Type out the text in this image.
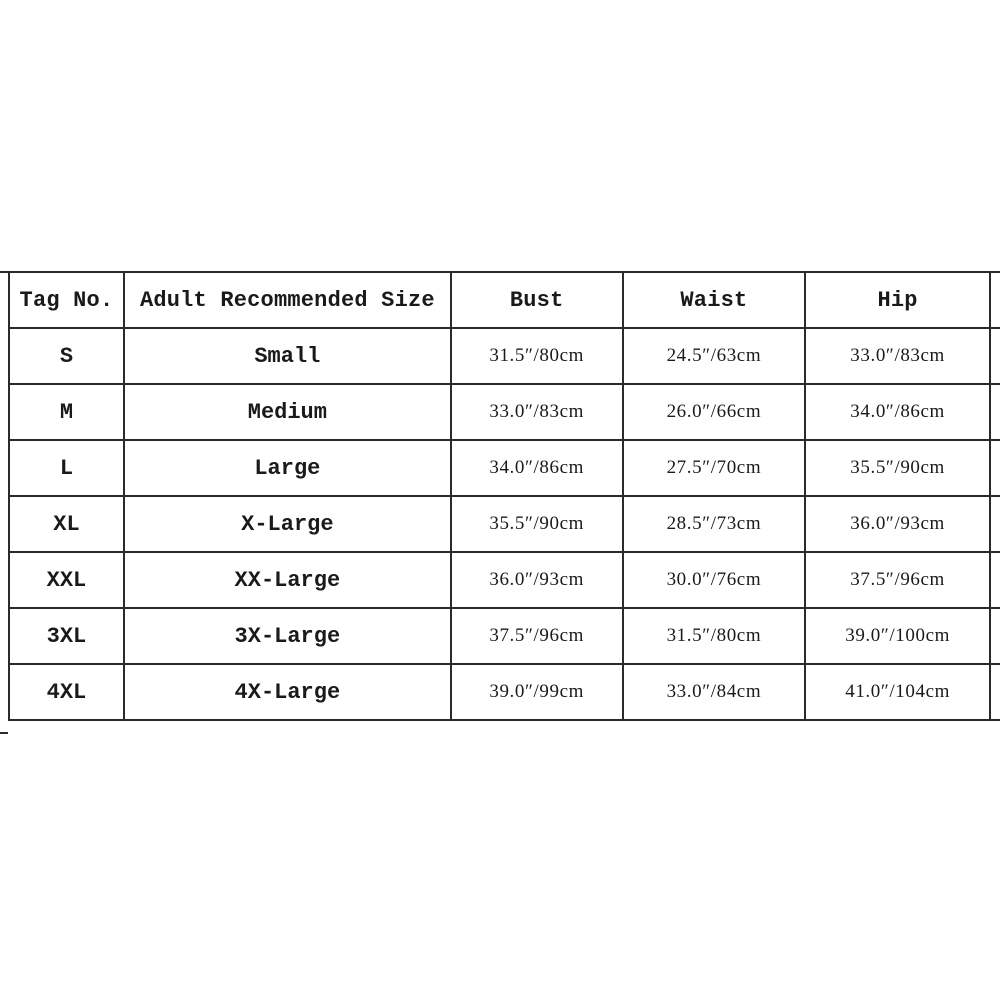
Tag No.	Adult Recommended Size	Bust	Waist	Hip	
S	Small	31.5″/80cm	24.5″/63cm	33.0″/83cm	
M	Medium	33.0″/83cm	26.0″/66cm	34.0″/86cm	
L	Large	34.0″/86cm	27.5″/70cm	35.5″/90cm	
XL	X-Large	35.5″/90cm	28.5″/73cm	36.0″/93cm	
XXL	XX-Large	36.0″/93cm	30.0″/76cm	37.5″/96cm	
3XL	3X-Large	37.5″/96cm	31.5″/80cm	39.0″/100cm	
4XL	4X-Large	39.0″/99cm	33.0″/84cm	41.0″/104cm	
